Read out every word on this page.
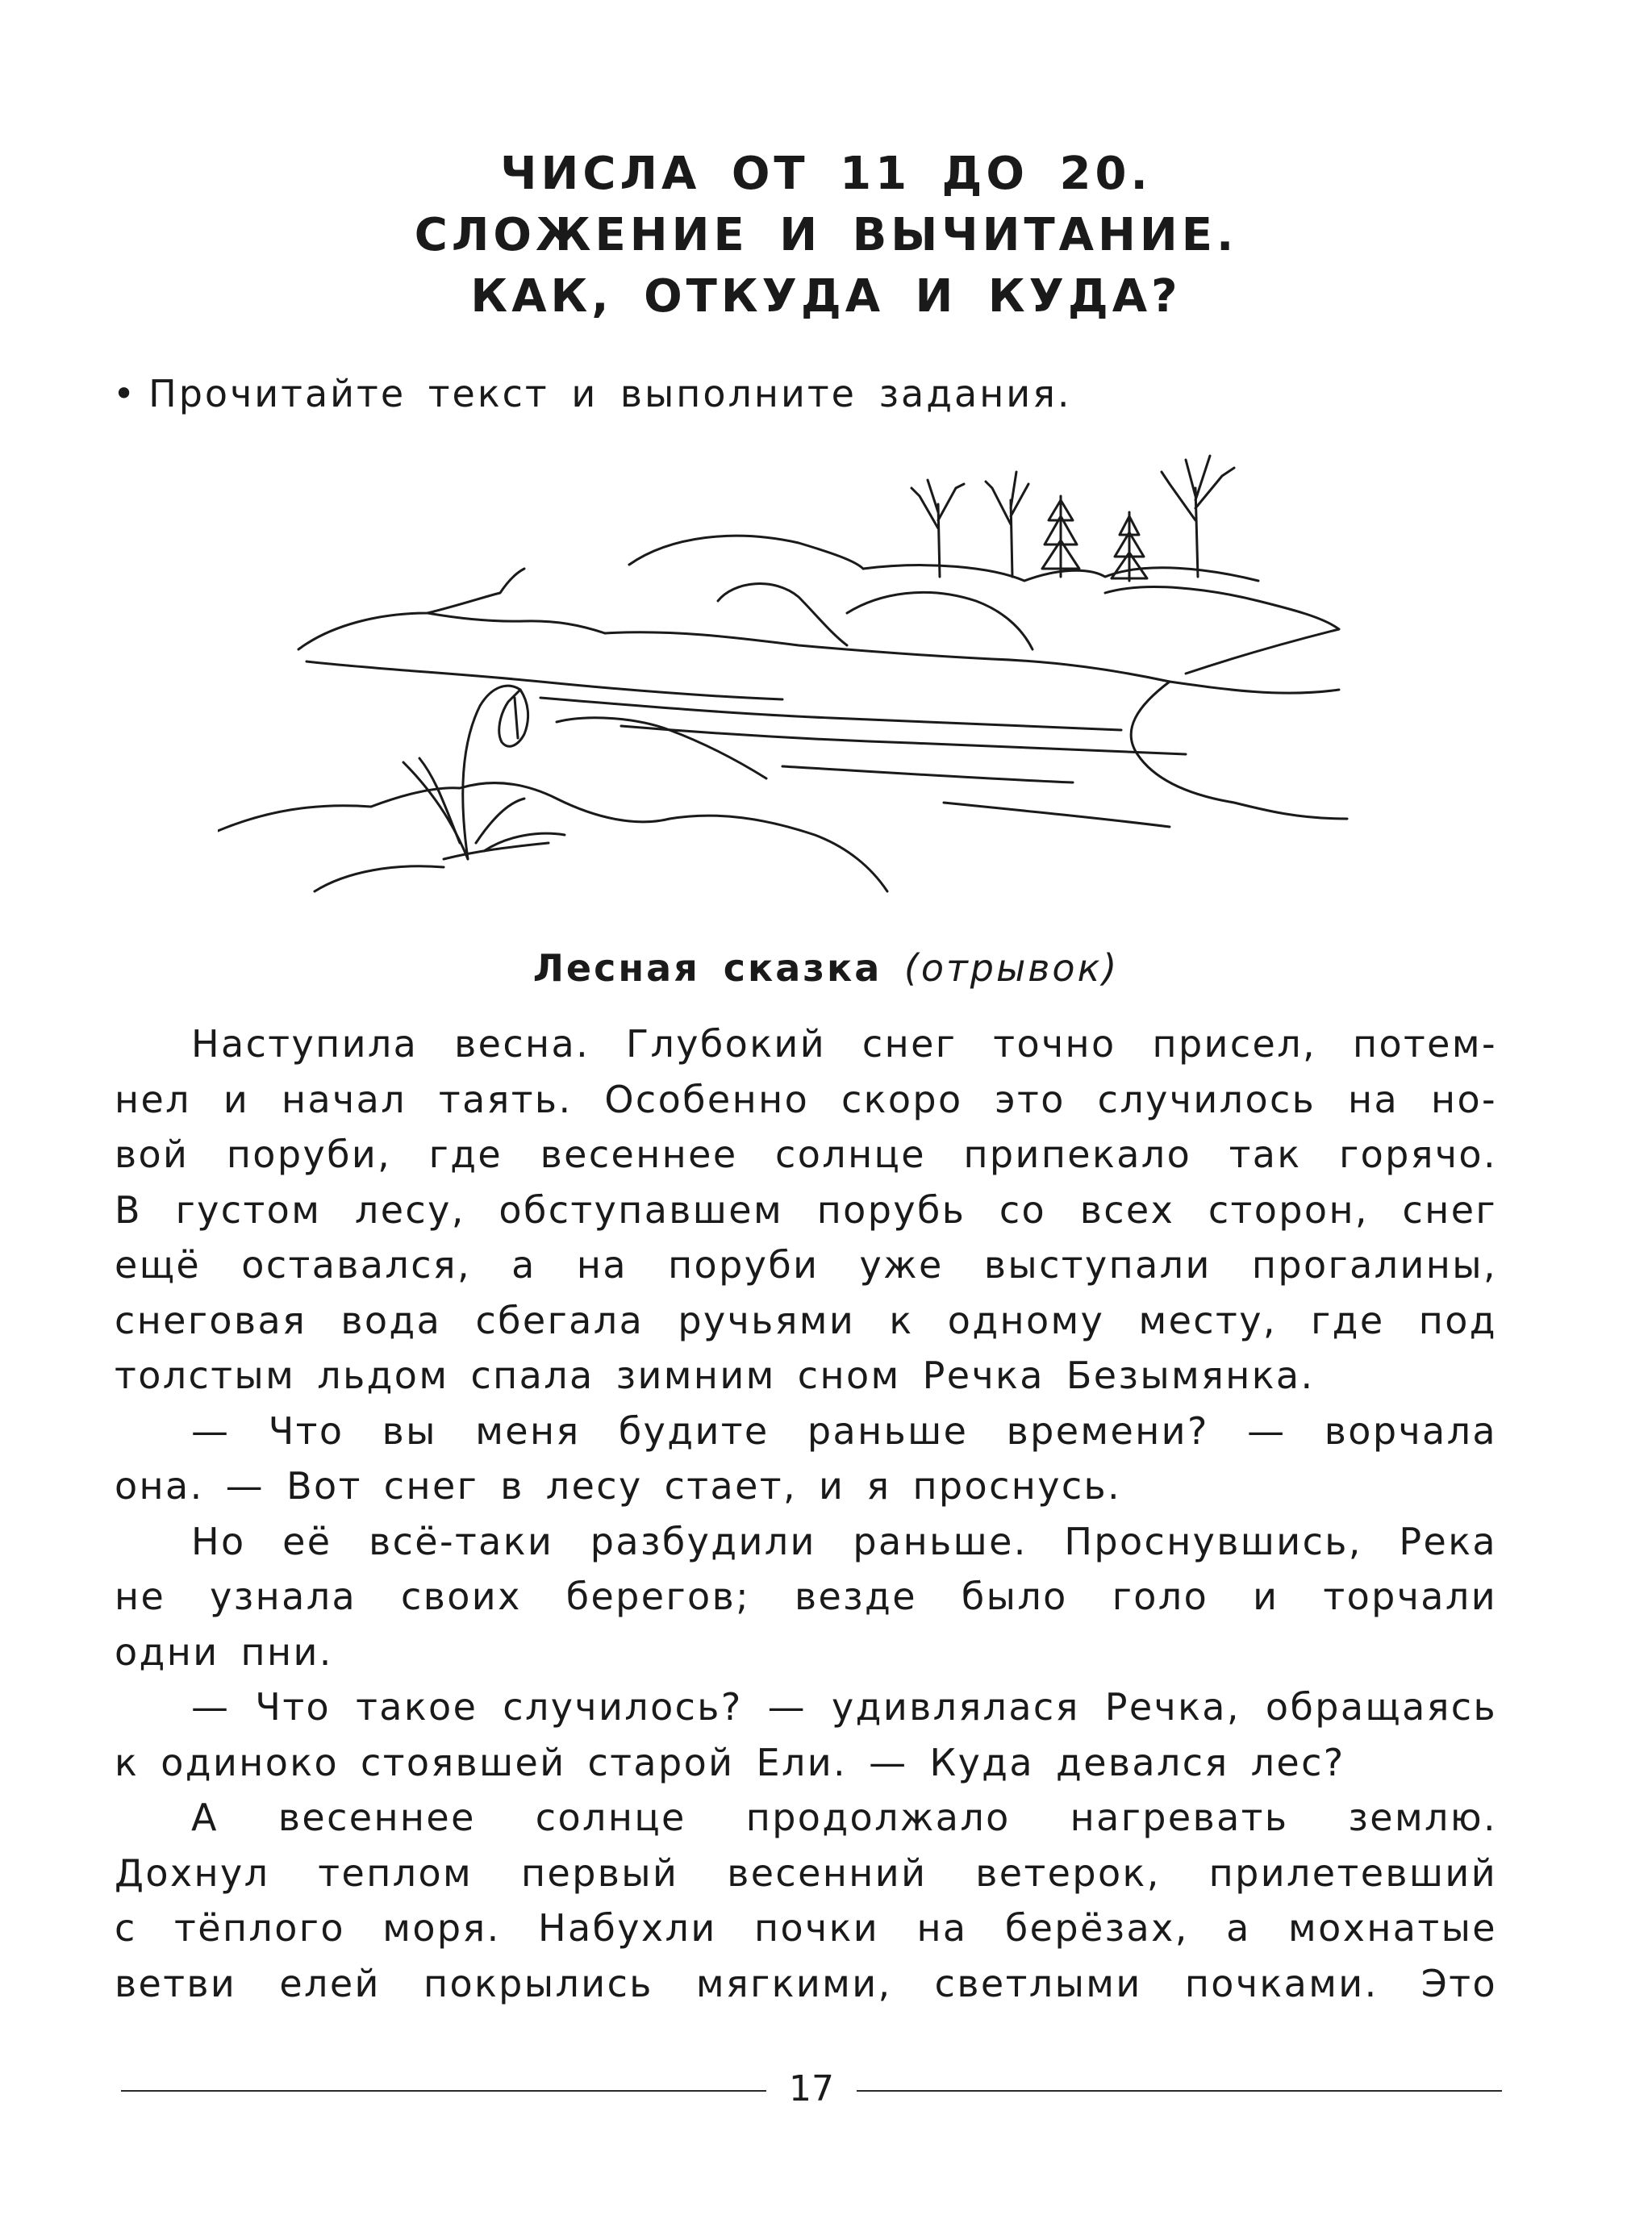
ЧИСЛА ОТ 11 ДО 20.
СЛОЖЕНИЕ И ВЫЧИТАНИЕ.
КАК, ОТКУДА И КУДА?
• Прочитайте текст и выполните задания.
Лесная сказка (отрывок)
Наступила весна. Глубокий снег точно присел, потем-
нел и начал таять. Особенно скоро это случилось на но-
вой поруби, где весеннее солнце припекало так горячо.
В густом лесу, обступавшем порубь со всех сторон, снег
ещё оставался, а на поруби уже выступали прогалины,
снеговая вода сбегала ручьями к одному месту, где под
толстым льдом спала зимним сном Речка Безымянка.
— Что вы меня будите раньше времени? — ворчала
она. — Вот снег в лесу стает, и я проснусь.
Но её всё-таки разбудили раньше. Проснувшись, Река
не узнала своих берегов; везде было голо и торчали
одни пни.
— Что такое случилось? — удивлялася Речка, обращаясь
к одиноко стоявшей старой Ели. — Куда девался лес?
А весеннее солнце продолжало нагревать землю.
Дохнул теплом первый весенний ветерок, прилетевший
с тёплого моря. Набухли почки на берёзах, а мохнатые
ветви елей покрылись мягкими, светлыми почками. Это
17
